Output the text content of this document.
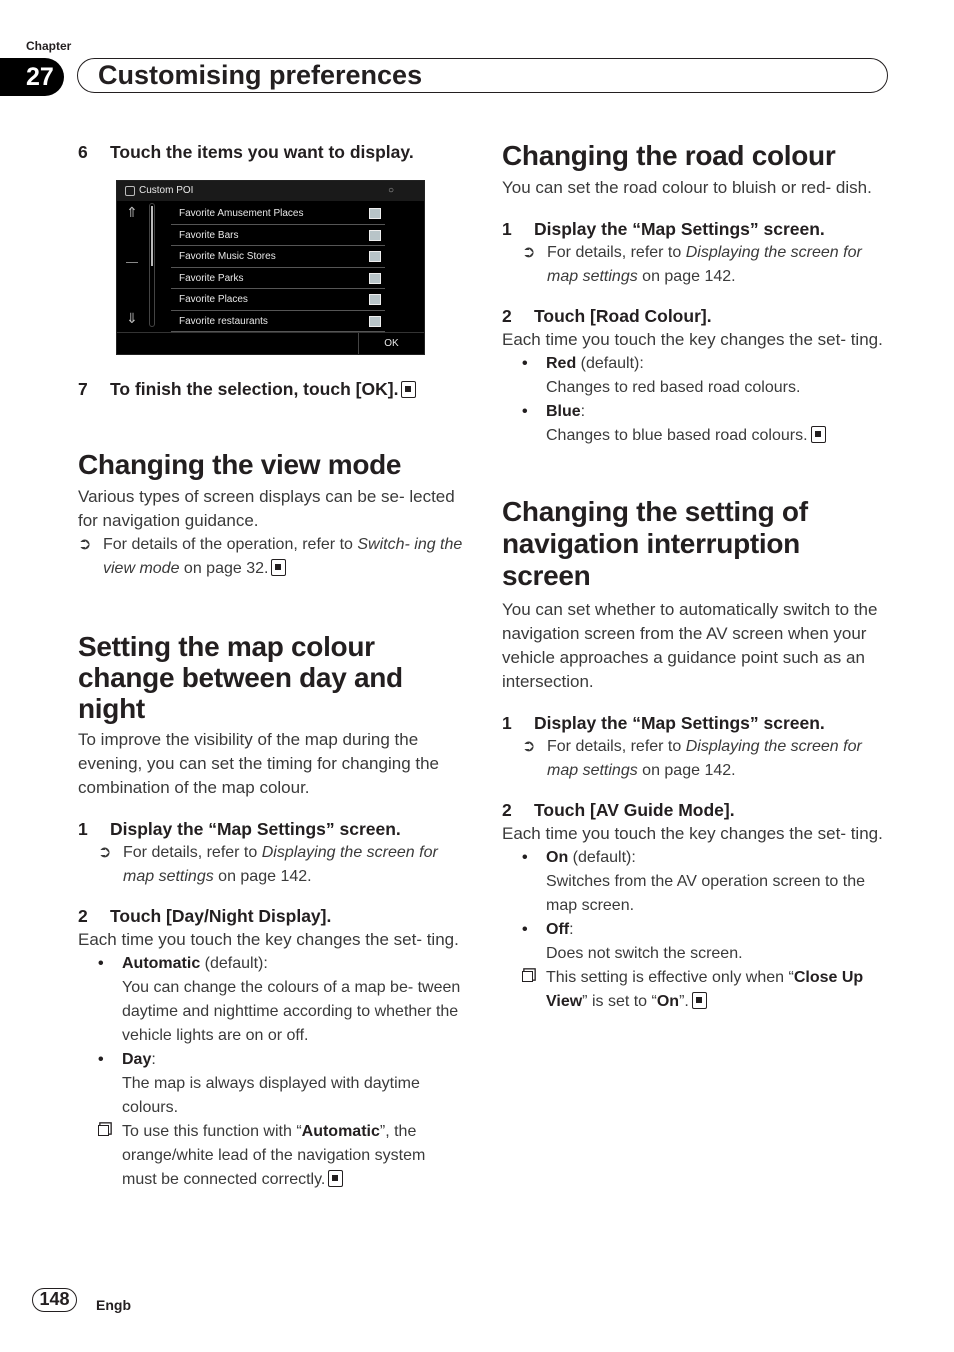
Chapter
27	Customising preferences
6	Touch the items you want to display.
Custom POI	○
⇑
⇓
Favorite Amusement Places
Favorite Bars
Favorite Music Stores
Favorite Parks
Favorite Places
Favorite restaurants
OK
7	To finish the selection, touch [OK].
Changing the view mode
Various types of screen displays can be se- lected for navigation guidance.
➲ For details of the operation, refer to Switch- ing the view mode on page 32.
Setting the map colour change between day and night
To improve the visibility of the map during the evening, you can set the timing for changing the combination of the map colour.
1	Display the “Map Settings” screen.
➲ For details, refer to Displaying the screen for map settings on page 142.
2	Touch [Day/Night Display].
Each time you touch the key changes the set- ting.
•	Automatic (default):
You can change the colours of a map be- tween daytime and nighttime according to whether the vehicle lights are on or off.
•	Day:
The map is always displayed with daytime colours.
To use this function with “Automatic”, the orange/white lead of the navigation system must be connected correctly.
Changing the road colour
You can set the road colour to bluish or red- dish.
1	Display the “Map Settings” screen.
➲ For details, refer to Displaying the screen for map settings on page 142.
2	Touch [Road Colour].
Each time you touch the key changes the set- ting.
•	Red (default):
Changes to red based road colours.
•	Blue:
Changes to blue based road colours.
Changing the setting of navigation interruption screen
You can set whether to automatically switch to the navigation screen from the AV screen when your vehicle approaches a guidance point such as an intersection.
1	Display the “Map Settings” screen.
➲ For details, refer to Displaying the screen for map settings on page 142.
2	Touch [AV Guide Mode].
Each time you touch the key changes the set- ting.
•	On (default):
Switches from the AV operation screen to the map screen.
•	Off:
Does not switch the screen.
This setting is effective only when “Close Up View” is set to “On”.
148	Engb
